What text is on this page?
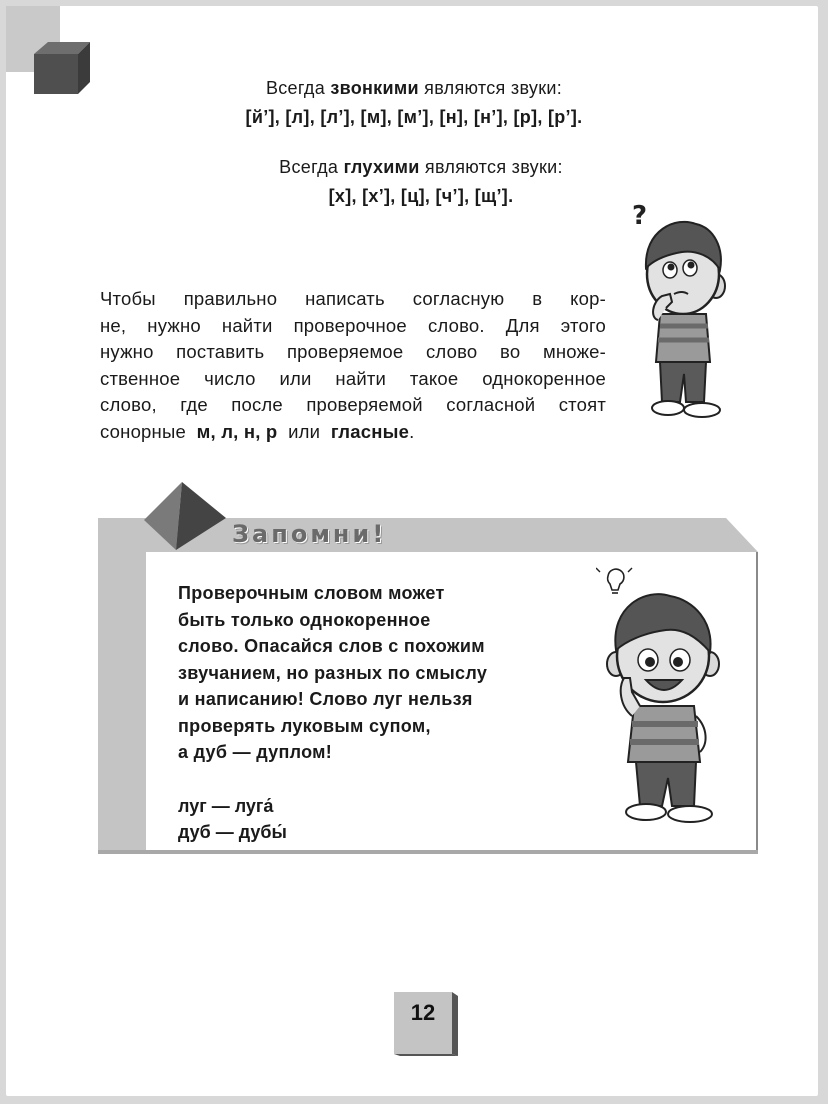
Всегда звонкими являются звуки:

[й’], [л], [л’], [м], [м’], [н], [н’], [р], [р’].

Всегда глухими являются звуки:

[х], [х’], [ц], [ч’], [щ’].

?
Чтобы правильно написать согласную в кор-
не, нужно найти проверочное слово. Для этого
нужно поставить проверяемое слово во множе-
ственное число или найти такое однокоренное
слово, где после проверяемой согласной стоят
сонорные м, л, н, р или гласные.
Запомни!
Проверочным словом может
быть только однокоренное
слово. Опасайся слов с похожим
звучанием, но разных по смыслу
и написанию! Слово луг нельзя
проверять луковым супом,
а дуб — дуплом!
луг — луга́
дуб — дубы́
12
